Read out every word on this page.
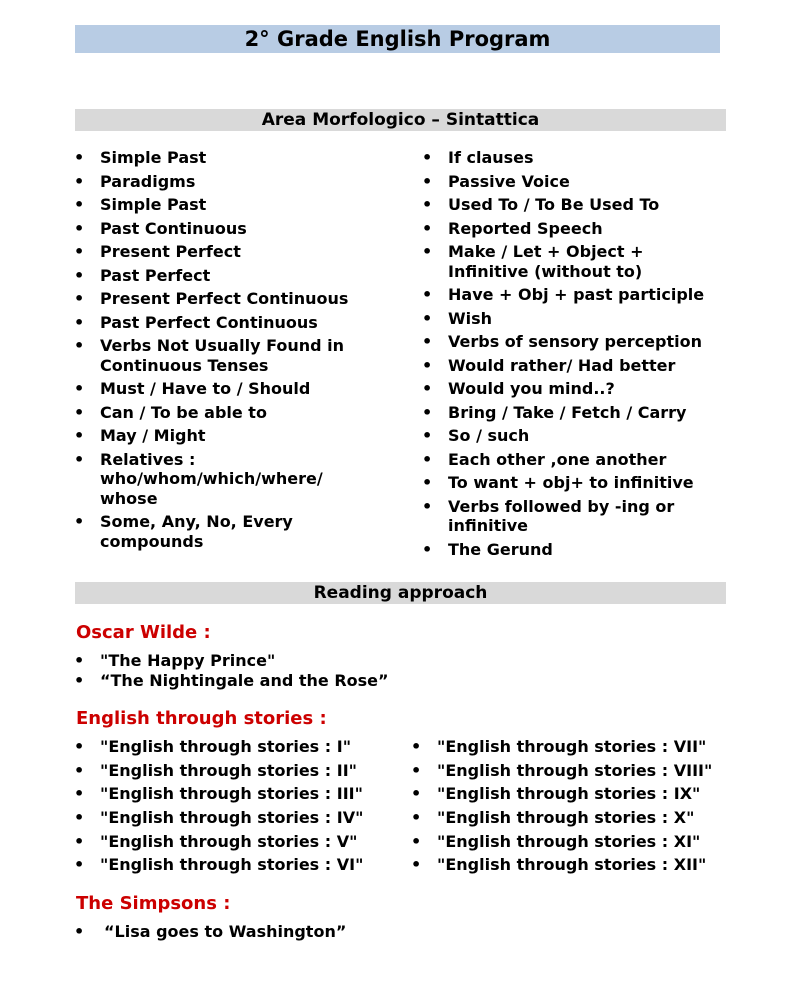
2° Grade English Program
Area Morfologico – Sintattica
• Simple Past
• Paradigms
• Simple Past
• Past Continuous
• Present Perfect
• Past Perfect
• Present Perfect Continuous
• Past Perfect Continuous
• Verbs Not Usually Found in Continuous Tenses
• Must / Have to / Should
• Can / To be able to
• May / Might
• Relatives : who/whom/which/where/ whose
• Some, Any, No, Every compounds
• If clauses
• Passive Voice
• Used To / To Be Used To
• Reported Speech
• Make / Let + Object + Infinitive (without to)
• Have + Obj + past participle
• Wish
• Verbs of sensory perception
• Would rather/ Had better
• Would you mind..?
• Bring / Take / Fetch / Carry
• So / such
• Each other ,one another
• To want + obj+ to infinitive
• Verbs followed by -ing or infinitive
• The Gerund
Reading approach
Oscar Wilde :
• "The Happy Prince"
• “The Nightingale and the Rose”
English through stories :
• "English through stories : I"
• "English through stories : II"
• "English through stories : III"
• "English through stories : IV"
• "English through stories : V"
• "English through stories : VI"
• "English through stories : VII"
• "English through stories : VIII"
• "English through stories : IX"
• "English through stories : X"
• "English through stories : XI"
• "English through stories : XII"
The Simpsons :
• “Lisa goes to Washington”
